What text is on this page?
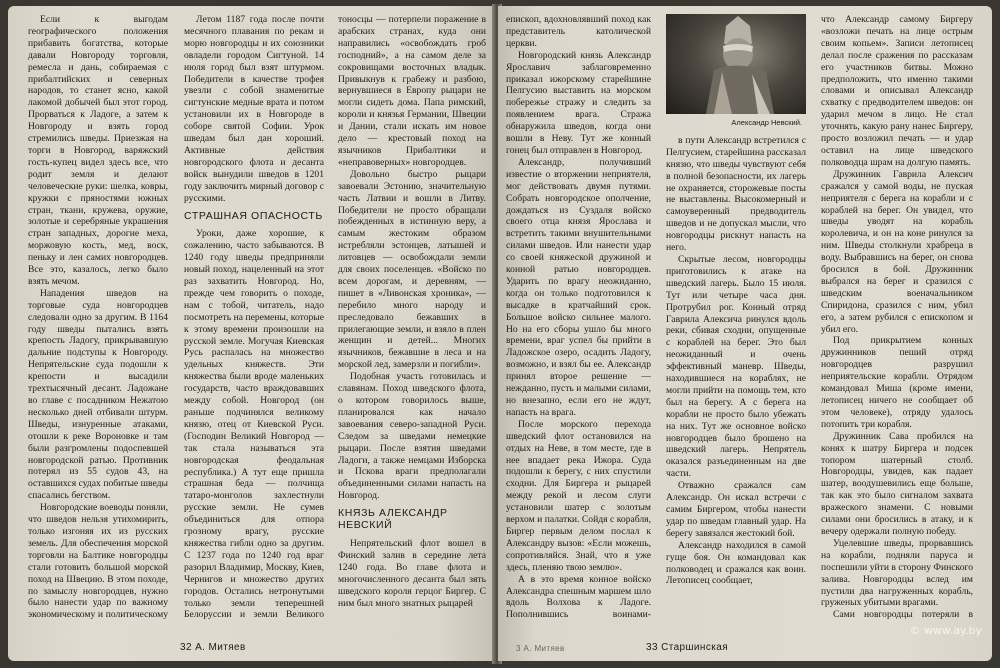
Если к выгодам географического положения прибавить богатства, которые давали Новгороду торговля, ремесла и дань, собираемая с прибалтийских и северных народов, то станет ясно, какой лакомой добычей был этот город. Прорваться к Ладоге, а затем к Новгороду и взять город стремились шведы. Приезжая на торги в Новгород, варяжский гость-купец видел здесь все, что родит земля и делают человеческие руки: шелка, ковры, кружки с пряностями южных стран, ткани, кружева, оружие, золотые и серебряные украшения стран западных, дорогие меха, моржовую кость, мед, воск, пеньку и лен самих новгородцев. Все это, казалось, легко было взять мечом.

Нападения шведов на торговые суда новгородцев следовали одно за другим. В 1164 году шведы пытались взять крепость Ладогу, прикрывавшую дальние подступы к Новгороду. Непрятельские суда подошли к крепости и высадили трехтысячный десант. Ладожане во главе с посадником Нежатою несколько дней отбивали штурм. Шведы, изнуренные атаками, отошли к реке Вороновке и там были разгромлены подоспевшей новгородской ратью. Противник потерял из 55 судов 43, на оставшихся судах побитые шведы спасались бегством.

Новгородские воеводы поняли, что шведов нельзя утихомирить, только изгоняя их из русских земель. Для обеспечения морской торговли на Балтике новгородцы стали готовить большой морской поход на Швецию. В этом походе, по замыслу новгородцев, нужно было нанести удар по важному экономическому и политическому

Летом 1187 года после почти месячного плавания по рекам и морю новгородцы и их союзники овладели городом Сигтуной. 14 июля город был взят штурмом. Победители в качестве трофея увезли с собой знаменитые сигтунские медные врата и потом установили их в Новгороде в соборе святой Софии. Урок шведам был дан хороший. Активные действия новгородского флота и десанта войск вынудили шведов в 1201 году заключить мирный договор с русскими.

СТРАШНАЯ ОПАСНОСТЬ

Уроки, даже хорошие, к сожалению, часто забываются. В 1240 году шведы предприняли новый поход, нацеленный на этот раз захватить Новгород. Но, прежде чем говорить о походе, нам с тобой, читатель, надо посмотреть на перемены, которые к этому времени произошли на русской земле. Могучая Киевская Русь распалась на множество удельных княжеств. Эти княжества были вроде маленьких государств, часто враждовавших между собой. Новгород (он раньше подчинялся великому князю, отец от Киевской Руси. (Господин Великий Новгород — так стала называться эта новгородская феодальная республика.) А тут еще пришла страшная беда — полчища татаро-монголов захлестнули русские земли. Не сумев объединиться для отпора грозному врагу, русские княжества гибли одно за другим. С 1237 года по 1240 год враг разорил Владимир, Москву, Киев, Чернигов и множество других городов. Остались нетронутыми только земли теперешней Белоруссии и земли Великого

тоносцы — потерпели поражение в арабских странах, куда они направились «освобождать гроб господний», а на самом деле за сокровищами восточных владык. Привыкнув к грабежу и разбою, вернувшиеся в Европу рыцари не могли сидеть дома. Папа римский, короли и князья Германии, Швеции и Дании, стали искать им новое дело — крестовый поход на язычников Прибалтики и «неправоверных» новгородцев.

Довольно быстро рыцари завоевали Эстонию, значительную часть Латвии и вошли в Литву. Победители не просто обращали побежденных в истинную веру, а самым жестоким образом истребляли эстонцев, латышей и литовцев — освобождали земли для своих поселенцев. «Войско по всем дорогам, и деревням, — пишет в «Ливонская хроника», — перебило много народу и преследовало бежавших в прилегающие земли, и взяло в плен женщин и детей... Многих язычников, бежавшие в леса и на морской лед, замерзли и погибли».

Подобная участь готовилась и славянам. Поход шведского флота, о котором говорилось выше, планировался как начало завоевания северо-западной Руси. Следом за шведами немецкие рыцари. После взятия шведами Ладоги, а также немцами Изборска и Пскова враги предполагали объединенными силами напасть на Новгород.

КНЯЗЬ АЛЕКСАНДР НЕВСКИЙ

Непрятельский флот вошел в Финский залив в середине лета 1240 года. Во главе флота и многочисленного десанта был зять шведского короля герцог Биргер. С ним был много знатных рыцарей

32 А. Митяев

епископ, вдохновлявший поход как представитель католической церкви.

Новгородский князь Александр Ярославич заблаговременно приказал ижорскому старейшине Пелгусию выставить на морском побережье стражу и следить за появлением врага. Стража обнаружила шведов, когда они вошли в Неву. Тут же конный гонец был отправлен в Новгород.

Александр, получивший известие о вторжении неприятеля, мог действовать двумя путями. Собрать новгородское ополчение, дождаться из Суздаля войско своего отца князя Ярослава и встретить такими внушительными силами шведов. Или нанести удар со своей княжеской дружиной и конной ратью новгородцев. Ударить по врагу неожиданно, когда он только подготовился к высадке в кратчайший срок. Большое войско сильнее малого. Но на его сборы ушло бы много времени, враг успел бы прийти в Ладожское озеро, осадить Ладогу, возможно, и взял бы ее. Александр принял второе решение — нежданно, пусть и малыми силами, но внезапно, если его не ждут, напасть на врага.

После морского перехода шведский флот остановился на отдых на Неве, в том месте, где в нее впадает река Ижора. Суда подошли к берегу, с них спустили сходни. Для Биргера и рыцарей между рекой и лесом слуги установили шатер с золотым верхом и палатки. Сойдя с корабля, Биргер первым делом послал к Александру вызов: «Если можешь, сопротивляйся. Знай, что я уже здесь, пленяю твою землю».

А в это время конное войско Александра спешным маршем шло вдоль Волхова к Ладоге. Пополнившись воинами-

Александр Невский.

в пути Александр встретился с Пелгусием, старейшина рассказал князю, что шведы чувствуют себя в полной безопасности, их лагерь не охраняется, сторожевые посты не выставлены. Высокомерный и самоуверенный предводитель шведов и не допускал мысли, что новгородцы рискнут напасть на него.

Скрытые лесом, новгородцы приготовились к атаке на шведский лагерь. Было 15 июля. Тут или четыре часа дня. Протрубил рог. Конный отряд Гаврила Алексича ринулся вдоль реки, сбивая сходни, опущенные с кораблей на берег. Это был неожиданный и очень эффективный маневр. Шведы, находившиеся на кораблях, не могли прийти на помощь тем, кто был на берегу. А с берега на корабли не просто было убежать на них. Тут же основное войско новгородцев было брошено на шведский лагерь. Непрятель оказался разъединенным на две части.

Отважно сражался сам Александр. Он искал встречи с самим Биргером, чтобы нанести удар по шведам главный удар. На берегу завязался жестокий бой.

Александр находился в самой гуще боя. Он командовал как полководец и сражался как воин. Летописец сообщает,

что Александр самому Биргеру «возложи печать на лице острым своим копьем». Записи летописец делал после сражения по рассказам его участников битвы. Можно предположить, что именно такими словами и описывал Александр схватку с предводителем шведов: он ударил мечом в лицо. Не стал уточнять, какую рану нанес Биргеру, просто возложил печать — и удар оставил на лице шведского полководца шрам на долгую память.

Дружинник Гаврила Алексич сражался у самой воды, не пуская неприятеля с берега на корабли и с кораблей на берег. Он увидел, что шведы уводят на корабль королевича, и он на коне ринулся за ним. Шведы столкнули храбреца в воду. Выбравшись на берег, он снова бросился в бой. Дружинник выбрался на берег и сразился с шведским военачальником Спиридона, сразился с ним, убил его, а затем рубился с епископом и убил его.

Под прикрытием конных дружинников пеший отряд новгородцев разрушил неприятельские корабли. Отрядом командовал Миша (кроме имени, летописец ничего не сообщает об этом человеке), отряду удалось потопить три корабля.

Дружинник Сава пробился на конях к шатру Биргера и подсек топором шатерный столб. Новгородцы, увидев, как падает шатер, воодушевились еще больше, так как это было сигналом захвата вражеского знамени. С новыми силами они бросились в атаку, и к вечеру одержали полную победу.

Уцелевшие шведы, прорвавшись на корабли, подняли паруса и поспешили уйти в сторону Финского залива. Новгородцы вслед им пустили два нагруженных корабль, груженых убитыми врагами.

Сами новгородцы потеряли в

3 А. Митяев	33 Старшинская
© www.ay.by
